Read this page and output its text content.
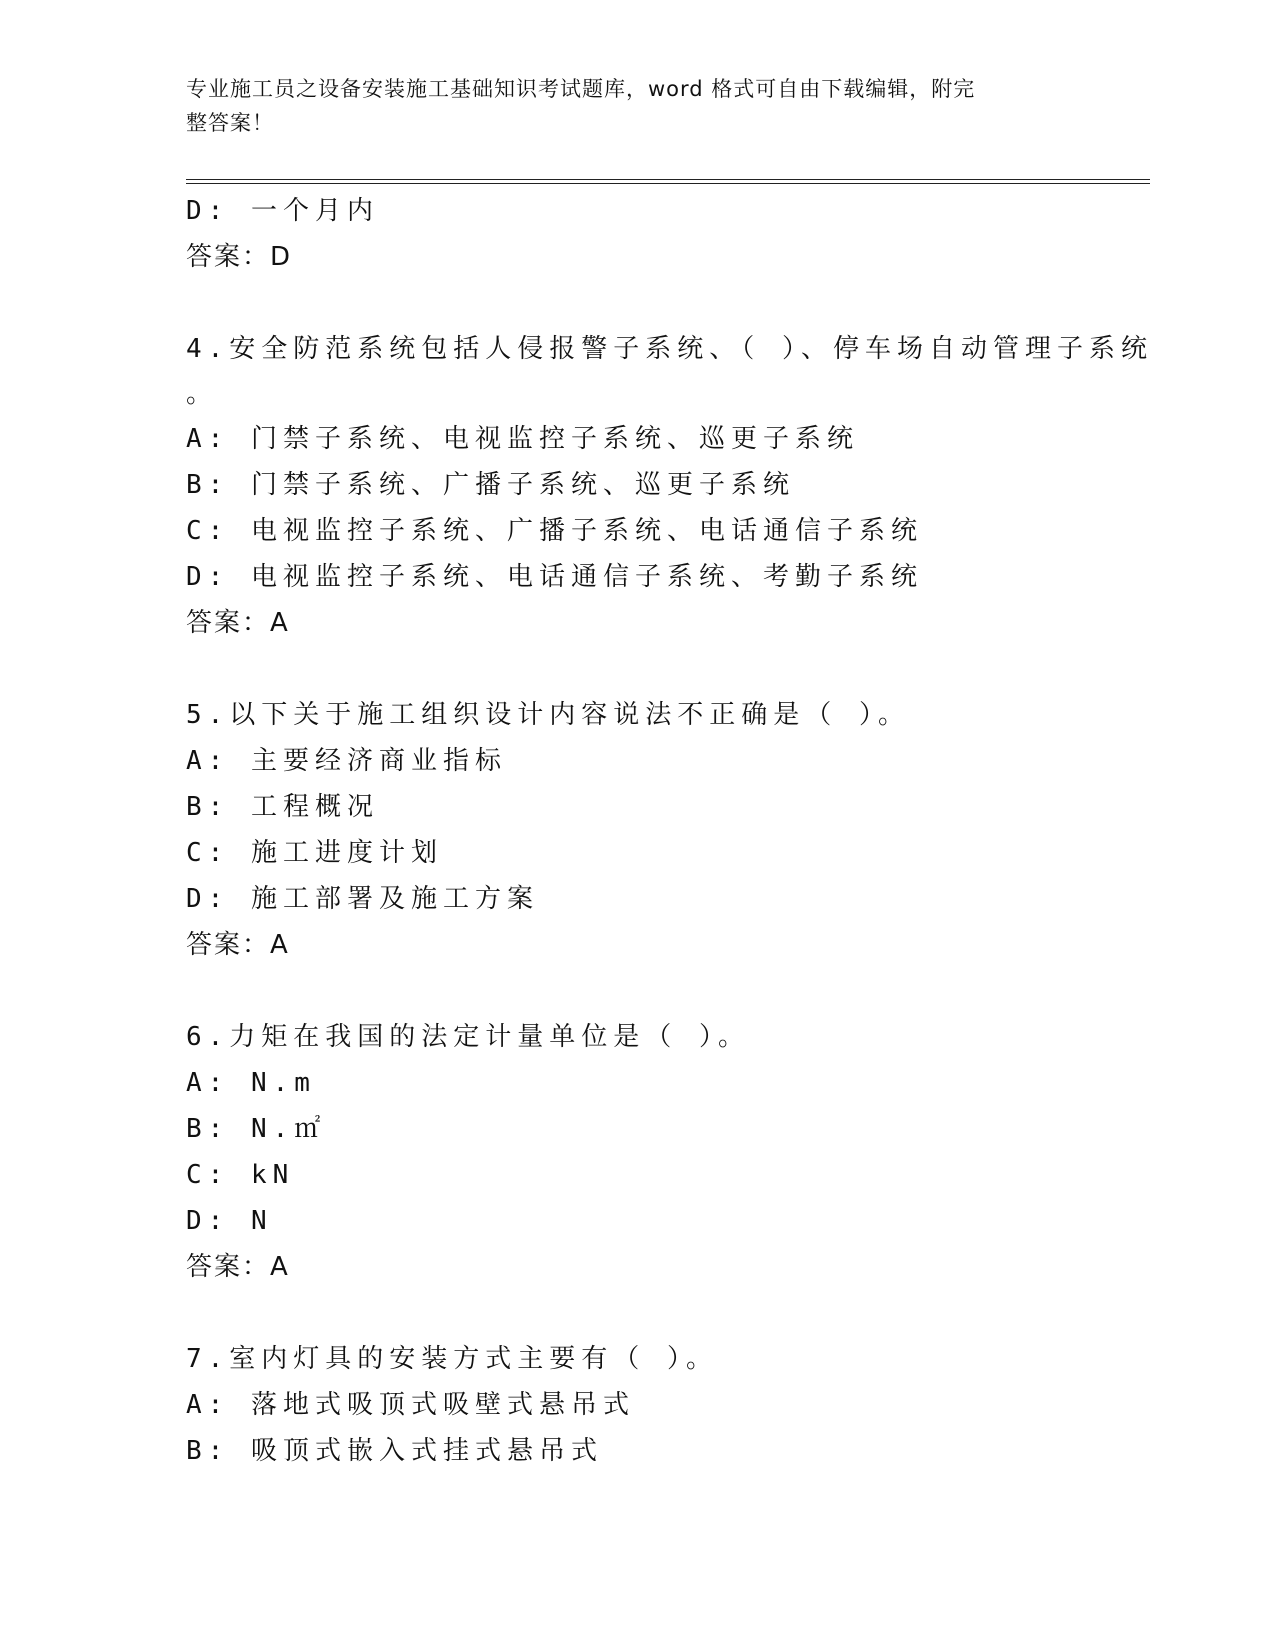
专业施工员之设备安装施工基础知识考试题库，word 格式可自由下载编辑，附完
整答案！
D: 一个月内
答案：D
4.安全防范系统包括人侵报警子系统、（ ）、停车场自动管理子系统
。
A: 门禁子系统、电视监控子系统、巡更子系统
B: 门禁子系统、广播子系统、巡更子系统
C: 电视监控子系统、广播子系统、电话通信子系统
D: 电视监控子系统、电话通信子系统、考勤子系统
答案：A
5.以下关于施工组织设计内容说法不正确是（ ）。
A: 主要经济商业指标
B: 工程概况
C: 施工进度计划
D: 施工部署及施工方案
答案：A
6.力矩在我国的法定计量单位是（ ）。
A: N.m
B: N.㎡
C: kN
D: N
答案：A
7.室内灯具的安装方式主要有（ ）。
A: 落地式吸顶式吸壁式悬吊式
B: 吸顶式嵌入式挂式悬吊式
